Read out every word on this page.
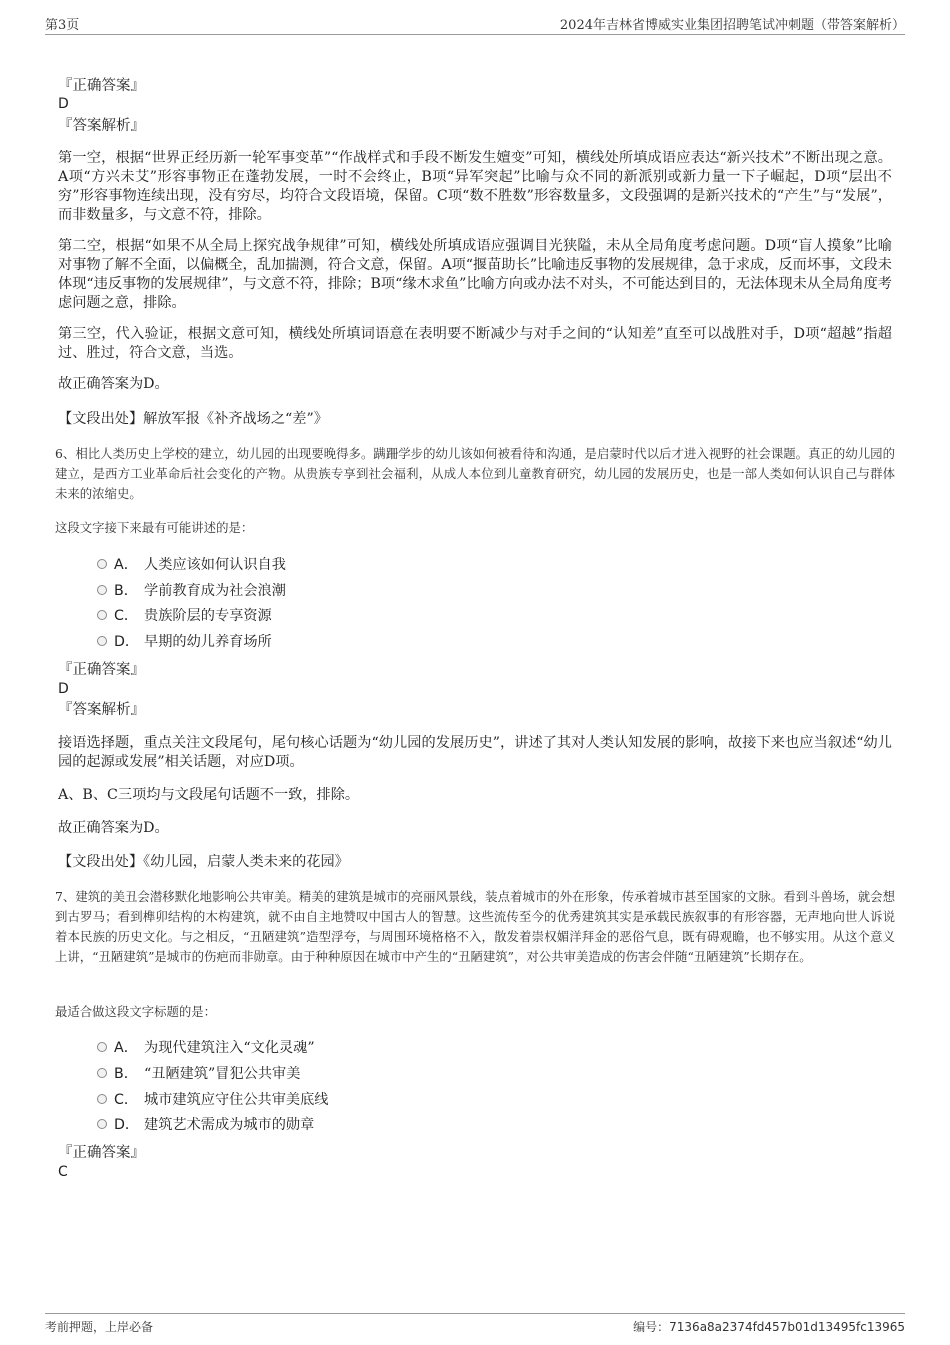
第3页	2024年吉林省博威实业集团招聘笔试冲刺题（带答案解析）
『正确答案』
D
『答案解析』
第一空，根据“世界正经历新一轮军事变革”“作战样式和手段不断发生嬗变”可知，横线处所填成语应表达“新兴技术”不断出现之意。A项“方兴未艾”形容事物正在蓬勃发展，一时不会终止，B项“异军突起”比喻与众不同的新派别或新力量一下子崛起，D项“层出不穷”形容事物连续出现，没有穷尽，均符合文段语境，保留。C项“数不胜数”形容数量多，文段强调的是新兴技术的“产生”与“发展”，而非数量多，与文意不符，排除。
第二空，根据“如果不从全局上探究战争规律”可知，横线处所填成语应强调目光狭隘，未从全局角度考虑问题。D项“盲人摸象”比喻对事物了解不全面，以偏概全，乱加揣测，符合文意，保留。A项“揠苗助长”比喻违反事物的发展规律，急于求成，反而坏事，文段未体现“违反事物的发展规律”，与文意不符，排除；B项“缘木求鱼”比喻方向或办法不对头，不可能达到目的，无法体现未从全局角度考虑问题之意，排除。
第三空，代入验证，根据文意可知，横线处所填词语意在表明要不断减少与对手之间的“认知差”直至可以战胜对手，D项“超越”指超过、胜过，符合文意，当选。
故正确答案为D。
【文段出处】解放军报《补齐战场之“差”》
6、相比人类历史上学校的建立，幼儿园的出现要晚得多。蹒跚学步的幼儿该如何被看待和沟通，是启蒙时代以后才进入视野的社会课题。真正的幼儿园的建立，是西方工业革命后社会变化的产物。从贵族专享到社会福利，从成人本位到儿童教育研究，幼儿园的发展历史，也是一部人类如何认识自己与群体未来的浓缩史。
这段文字接下来最有可能讲述的是：
A． 人类应该如何认识自我
B． 学前教育成为社会浪潮
C． 贵族阶层的专享资源
D． 早期的幼儿养育场所
『正确答案』
D
『答案解析』
接语选择题，重点关注文段尾句，尾句核心话题为“幼儿园的发展历史”，讲述了其对人类认知发展的影响，故接下来也应当叙述“幼儿园的起源或发展”相关话题，对应D项。
A、B、C三项均与文段尾句话题不一致，排除。
故正确答案为D。
【文段出处】《幼儿园，启蒙人类未来的花园》
7、建筑的美丑会潜移默化地影响公共审美。精美的建筑是城市的亮丽风景线，装点着城市的外在形象，传承着城市甚至国家的文脉。看到斗兽场，就会想到古罗马；看到榫卯结构的木构建筑，就不由自主地赞叹中国古人的智慧。这些流传至今的优秀建筑其实是承载民族叙事的有形容器，无声地向世人诉说着本民族的历史文化。与之相反，“丑陋建筑”造型浮夸，与周围环境格格不入，散发着崇权媚洋拜金的恶俗气息，既有碍观瞻，也不够实用。从这个意义上讲，“丑陋建筑”是城市的伤疤而非勋章。由于种种原因在城市中产生的“丑陋建筑”，对公共审美造成的伤害会伴随“丑陋建筑”长期存在。
最适合做这段文字标题的是：
A． 为现代建筑注入“文化灵魂”
B． “丑陋建筑”冒犯公共审美
C． 城市建筑应守住公共审美底线
D． 建筑艺术需成为城市的勋章
『正确答案』
C
考前押题，上岸必备	编号：7136a8a2374fd457b01d13495fc13965
